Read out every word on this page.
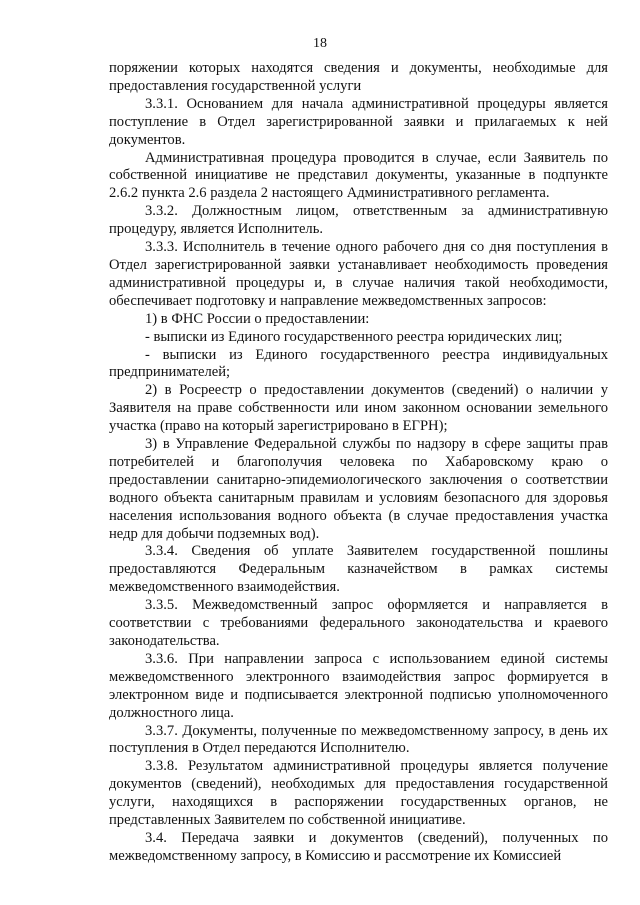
18

поряжении которых находятся сведения и документы, необходимые для предоставления государственной услуги

3.3.1. Основанием для начала административной процедуры является поступление в Отдел зарегистрированной заявки и прилагаемых к ней документов.

Административная процедура проводится в случае, если Заявитель по собственной инициативе не представил документы, указанные в подпункте 2.6.2 пункта 2.6 раздела 2 настоящего Административного регламента.

3.3.2. Должностным лицом, ответственным за административную процедуру, является Исполнитель.

3.3.3. Исполнитель в течение одного рабочего дня со дня поступления в Отдел зарегистрированной заявки устанавливает необходимость проведения административной процедуры и, в случае наличия такой необходимости, обеспечивает подготовку и направление межведомственных запросов:

1) в ФНС России о предоставлении:

- выписки из Единого государственного реестра юридических лиц;

- выписки из Единого государственного реестра индивидуальных предпринимателей;

2) в Росреестр о предоставлении документов (сведений) о наличии у Заявителя на праве собственности или ином законном основании земельного участка (право на который зарегистрировано в ЕГРН);

3) в Управление Федеральной службы по надзору в сфере защиты прав потребителей и благополучия человека по Хабаровскому краю о предоставлении санитарно-эпидемиологического заключения о соответствии водного объекта санитарным правилам и условиям безопасного для здоровья населения использования водного объекта (в случае предоставления участка недр для добычи подземных вод).

3.3.4. Сведения об уплате Заявителем государственной пошлины предоставляются Федеральным казначейством в рамках системы межведомственного взаимодействия.

3.3.5. Межведомственный запрос оформляется и направляется в соответствии с требованиями федерального законодательства и краевого законодательства.

3.3.6. При направлении запроса с использованием единой системы межведомственного электронного взаимодействия запрос формируется в электронном виде и подписывается электронной подписью уполномоченного должностного лица.

3.3.7. Документы, полученные по межведомственному запросу, в день их поступления в Отдел передаются Исполнителю.

3.3.8. Результатом административной процедуры является получение документов (сведений), необходимых для предоставления государственной услуги, находящихся в распоряжении государственных органов, не представленных Заявителем по собственной инициативе.

3.4. Передача заявки и документов (сведений), полученных по межведомственному запросу, в Комиссию и рассмотрение их Комиссией
